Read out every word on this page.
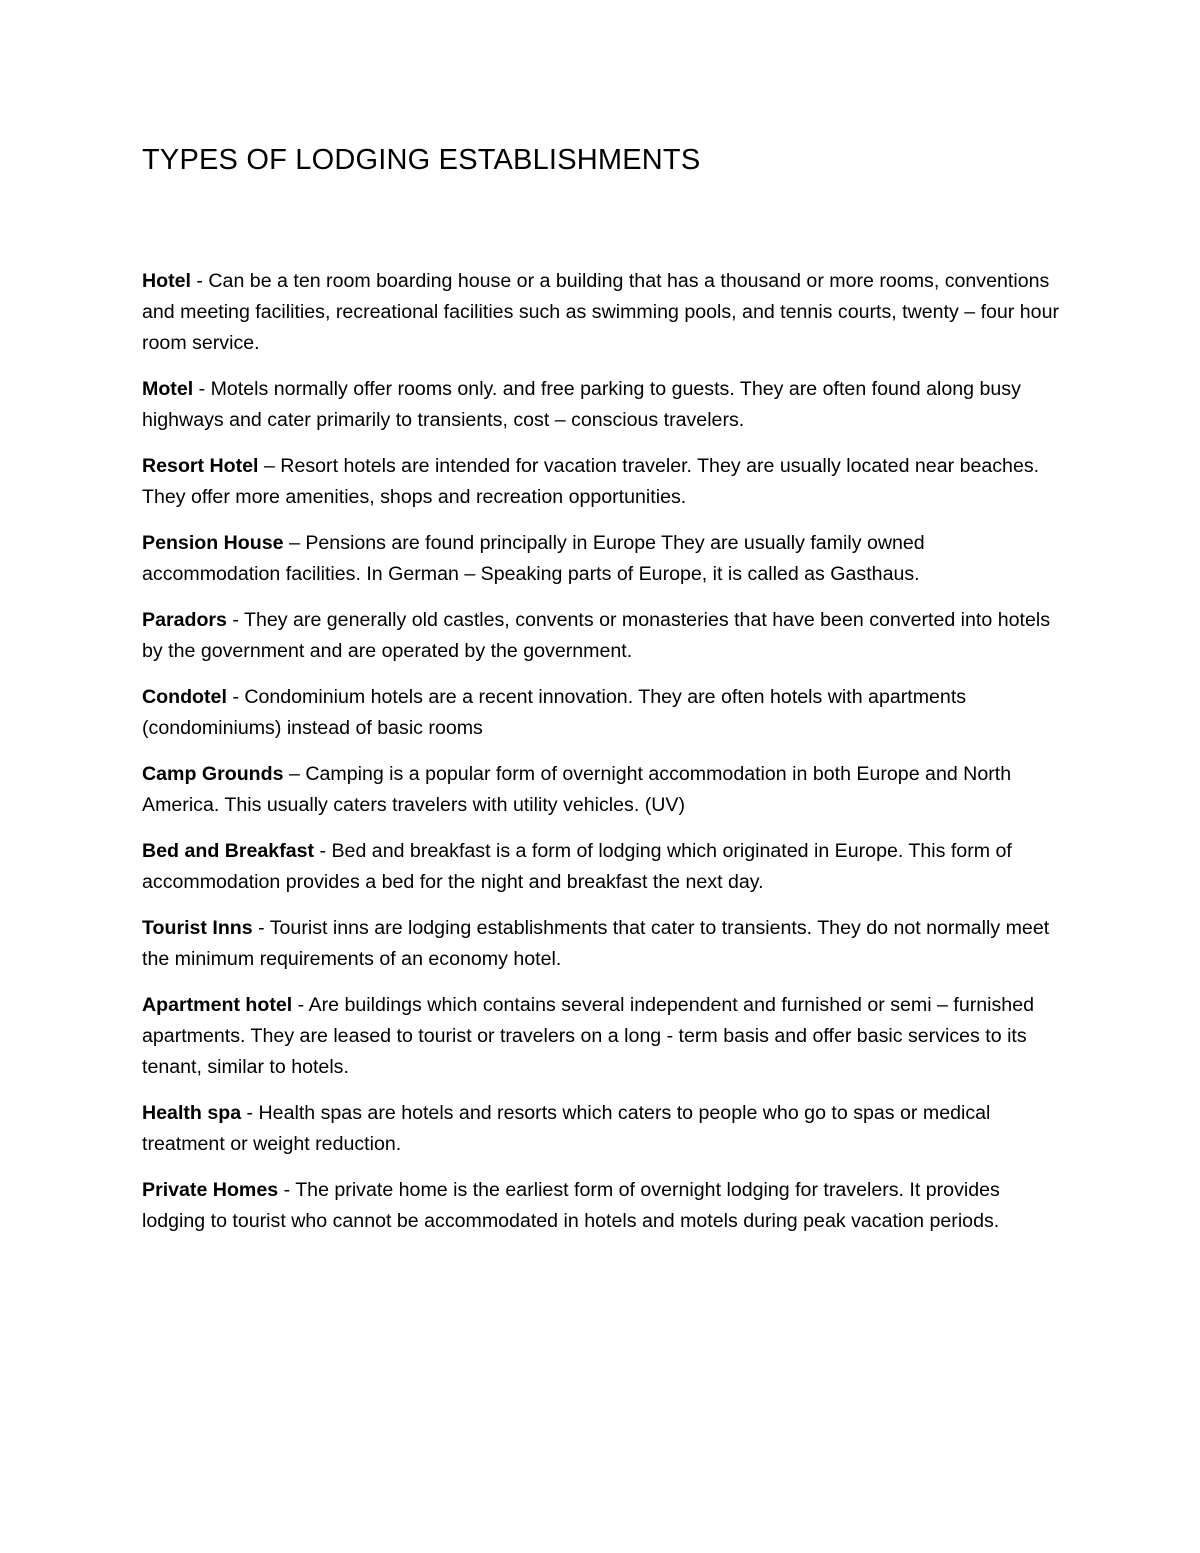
TYPES OF LODGING ESTABLISHMENTS

Hotel - Can be a ten room boarding house or a building that has a thousand or more rooms, conventions and meeting facilities, recreational facilities such as swimming pools, and tennis courts, twenty – four hour room service.

Motel - Motels normally offer rooms only. and free parking to guests. They are often found along busy highways and cater primarily to transients, cost – conscious travelers.

Resort Hotel – Resort hotels are intended for vacation traveler. They are usually located near beaches. They offer more amenities, shops and recreation opportunities.

Pension House – Pensions are found principally in Europe They are usually family owned accommodation facilities. In German – Speaking parts of Europe, it is called as Gasthaus.

Paradors - They are generally old castles, convents or monasteries that have been converted into hotels by the government and are operated by the government.

Condotel - Condominium hotels are a recent innovation. They are often hotels with apartments (condominiums) instead of basic rooms

Camp Grounds – Camping is a popular form of overnight accommodation in both Europe and North America. This usually caters travelers with utility vehicles. (UV)

Bed and Breakfast - Bed and breakfast is a form of lodging which originated in Europe. This form of accommodation provides a bed for the night and breakfast the next day.

Tourist Inns - Tourist inns are lodging establishments that cater to transients. They do not normally meet the minimum requirements of an economy hotel.

Apartment hotel - Are buildings which contains several independent and furnished or semi – furnished apartments. They are leased to tourist or travelers on a long - term basis and offer basic services to its tenant, similar to hotels.

Health spa - Health spas are hotels and resorts which caters to people who go to spas or medical treatment or weight reduction.

Private Homes - The private home is the earliest form of overnight lodging for travelers. It provides lodging to tourist who cannot be accommodated in hotels and motels during peak vacation periods.
